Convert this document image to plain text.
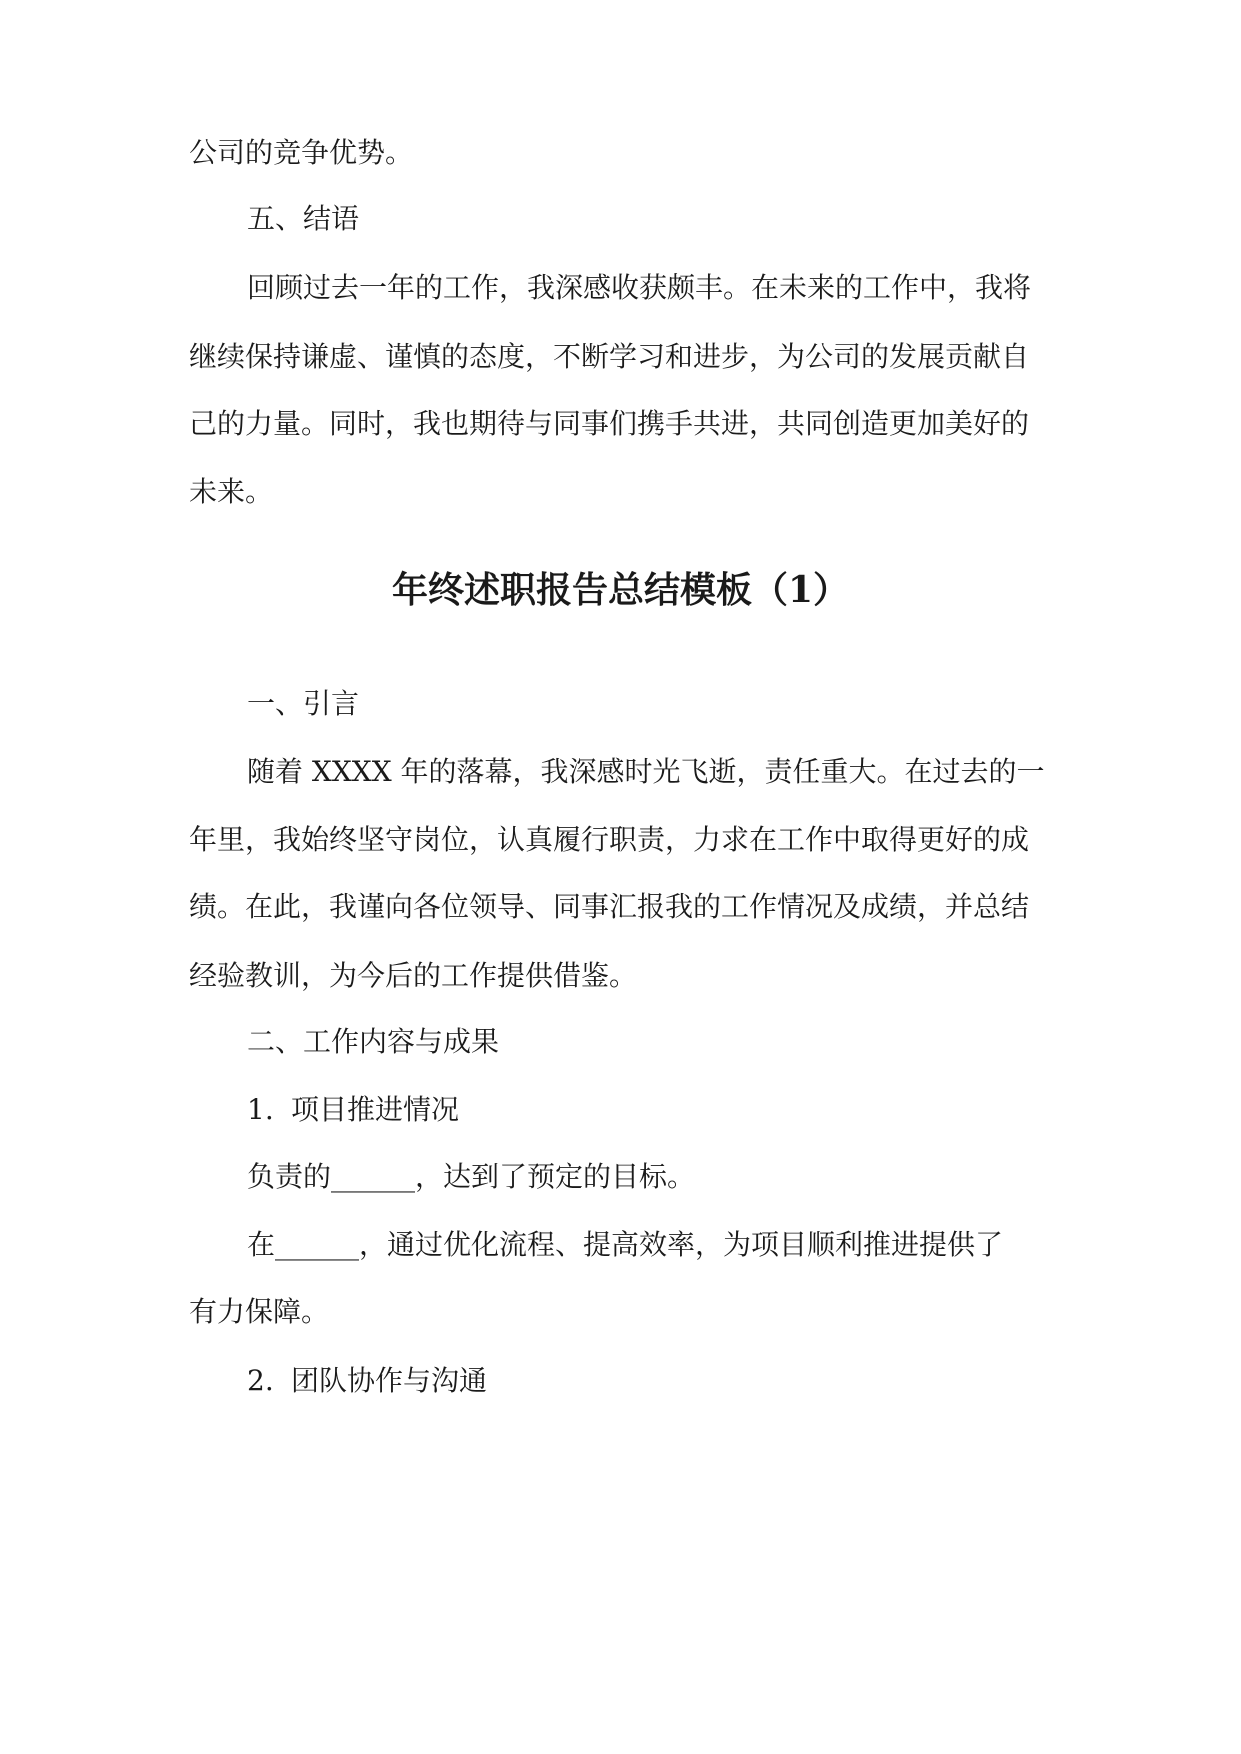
公司的竞争优势。
五、结语
回顾过去一年的工作，我深感收获颇丰。在未来的工作中，我将
继续保持谦虚、谨慎的态度，不断学习和进步，为公司的发展贡献自
己的力量。同时，我也期待与同事们携手共进，共同创造更加美好的
未来。
年终述职报告总结模板（1）
一、引言
随着 XXXX 年的落幕，我深感时光飞逝，责任重大。在过去的一
年里，我始终坚守岗位，认真履行职责，力求在工作中取得更好的成
绩。在此，我谨向各位领导、同事汇报我的工作情况及成绩，并总结
经验教训，为今后的工作提供借鉴。
二、工作内容与成果
1. 项目推进情况
负责的______，达到了预定的目标。
在______，通过优化流程、提高效率，为项目顺利推进提供了
有力保障。
2. 团队协作与沟通
